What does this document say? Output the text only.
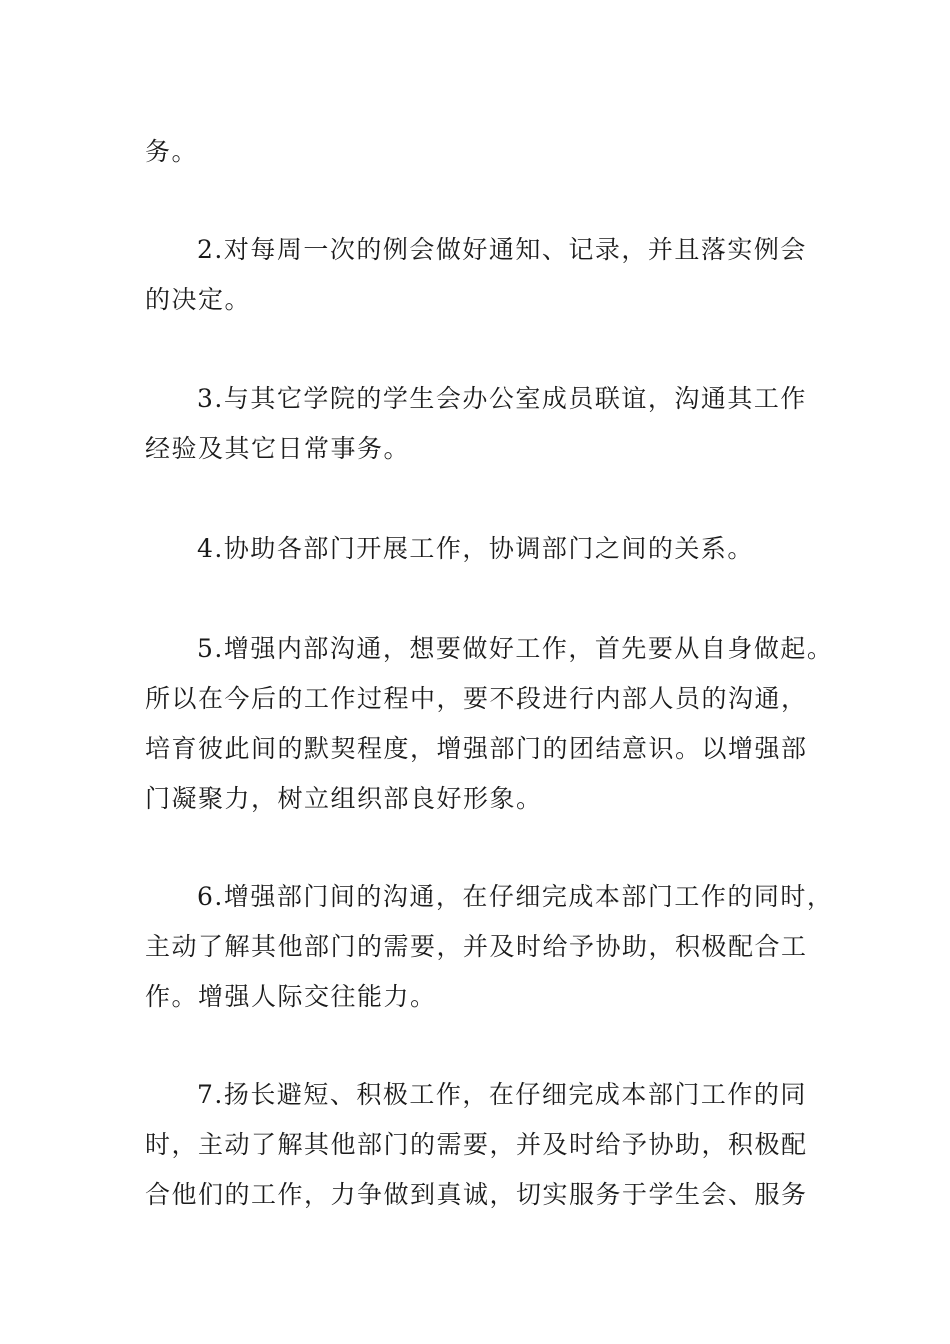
务。
2.对每周一次的例会做好通知、记录，并且落实例会
的决定。
3.与其它学院的学生会办公室成员联谊，沟通其工作
经验及其它日常事务。
4.协助各部门开展工作，协调部门之间的关系。
5.增强内部沟通，想要做好工作，首先要从自身做起。
所以在今后的工作过程中，要不段进行内部人员的沟通，
培育彼此间的默契程度，增强部门的团结意识。以增强部
门凝聚力，树立组织部良好形象。
6.增强部门间的沟通，在仔细完成本部门工作的同时，
主动了解其他部门的需要，并及时给予协助，积极配合工
作。增强人际交往能力。
7.扬长避短、积极工作，在仔细完成本部门工作的同
时，主动了解其他部门的需要，并及时给予协助，积极配
合他们的工作，力争做到真诚，切实服务于学生会、服务
